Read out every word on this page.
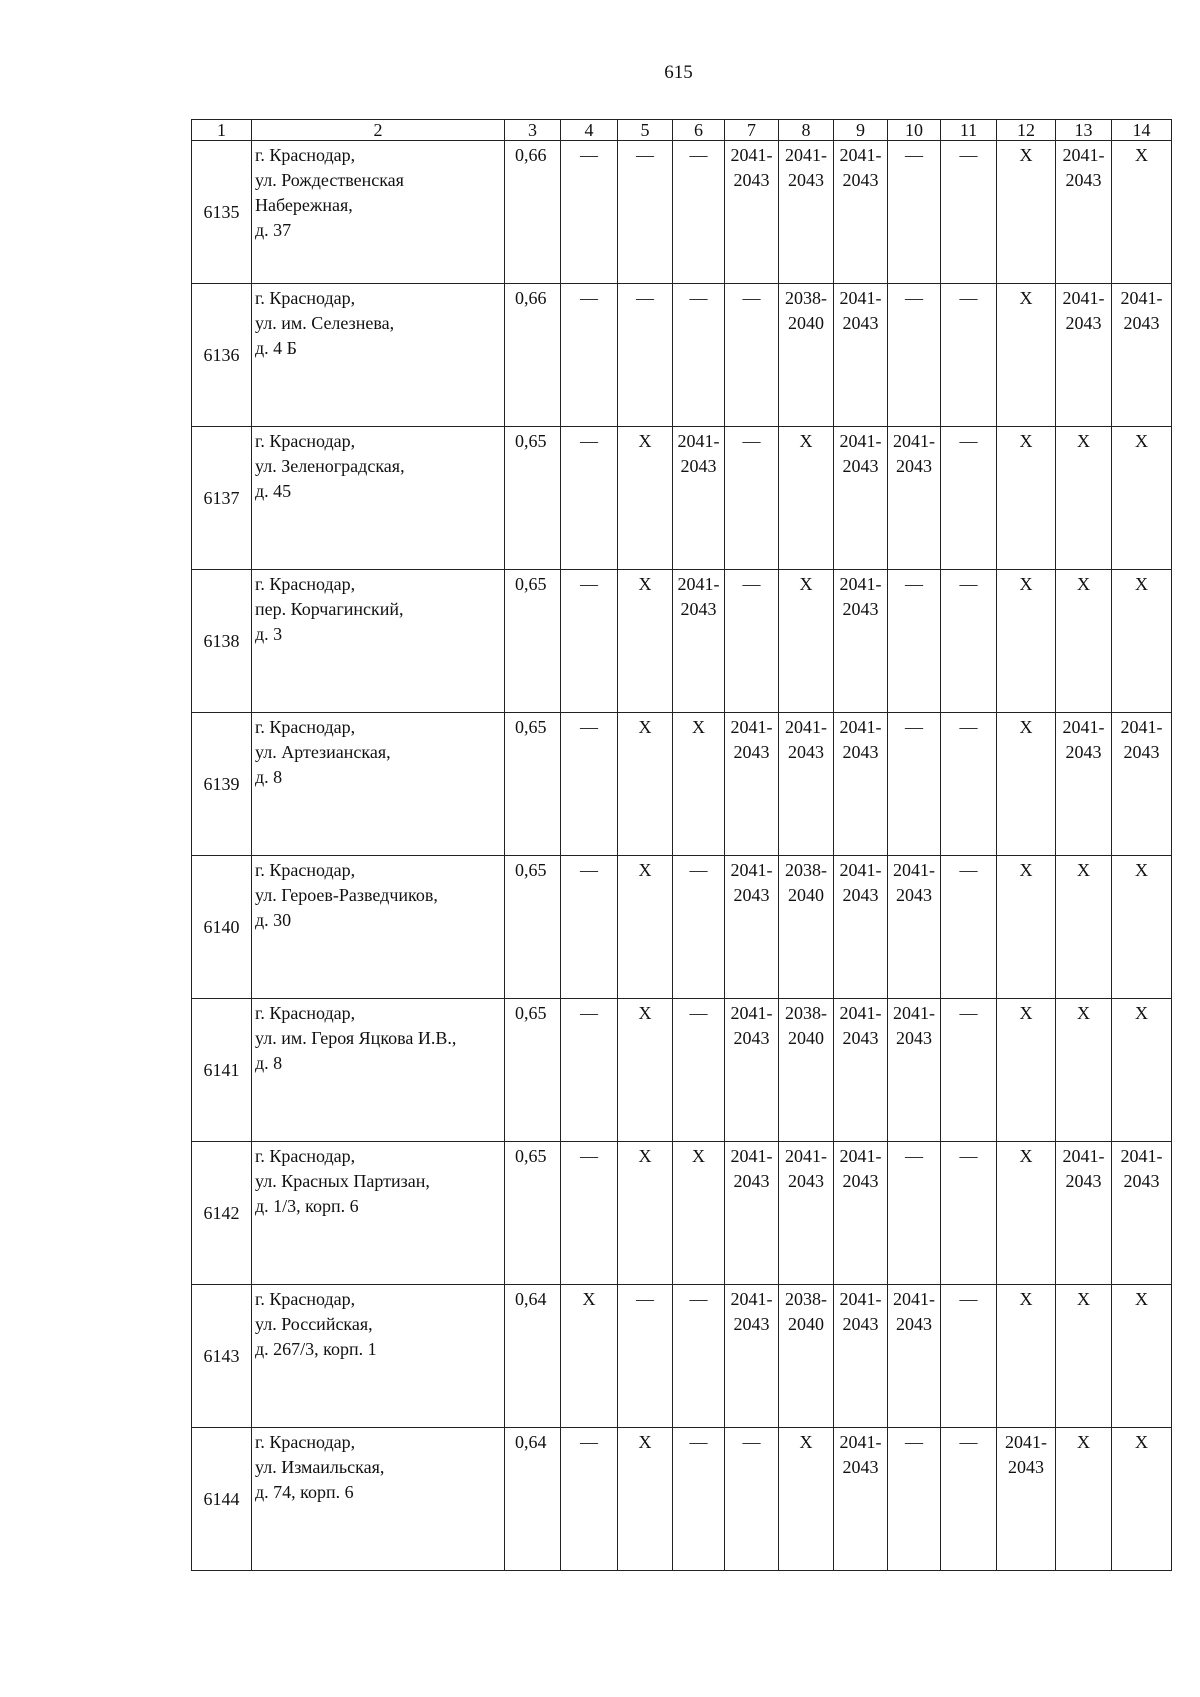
615
1	2	3	4	5	6	7	8	9	10	11	12	13	14
6135	г. Краснодар,
ул. Рождественская
Набережная,
д. 37	0,66	—	—	—	2041-
2043	2041-
2043	2041-
2043	—	—	X	2041-
2043	X
6136	г. Краснодар,
ул. им. Селезнева,
д. 4 Б	0,66	—	—	—	—	2038-
2040	2041-
2043	—	—	X	2041-
2043	2041-
2043
6137	г. Краснодар,
ул. Зеленоградская,
д. 45	0,65	—	X	2041-
2043	—	X	2041-
2043	2041-
2043	—	X	X	X
6138	г. Краснодар,
пер. Корчагинский,
д. 3	0,65	—	X	2041-
2043	—	X	2041-
2043	—	—	X	X	X
6139	г. Краснодар,
ул. Артезианская,
д. 8	0,65	—	X	X	2041-
2043	2041-
2043	2041-
2043	—	—	X	2041-
2043	2041-
2043
6140	г. Краснодар,
ул. Героев-Разведчиков,
д. 30	0,65	—	X	—	2041-
2043	2038-
2040	2041-
2043	2041-
2043	—	X	X	X
6141	г. Краснодар,
ул. им. Героя Яцкова И.В.,
д. 8	0,65	—	X	—	2041-
2043	2038-
2040	2041-
2043	2041-
2043	—	X	X	X
6142	г. Краснодар,
ул. Красных Партизан,
д. 1/3, корп. 6	0,65	—	X	X	2041-
2043	2041-
2043	2041-
2043	—	—	X	2041-
2043	2041-
2043
6143	г. Краснодар,
ул. Российская,
д. 267/3, корп. 1	0,64	X	—	—	2041-
2043	2038-
2040	2041-
2043	2041-
2043	—	X	X	X
6144	г. Краснодар,
ул. Измаильская,
д. 74, корп. 6	0,64	—	X	—	—	X	2041-
2043	—	—	2041-
2043	X	X
